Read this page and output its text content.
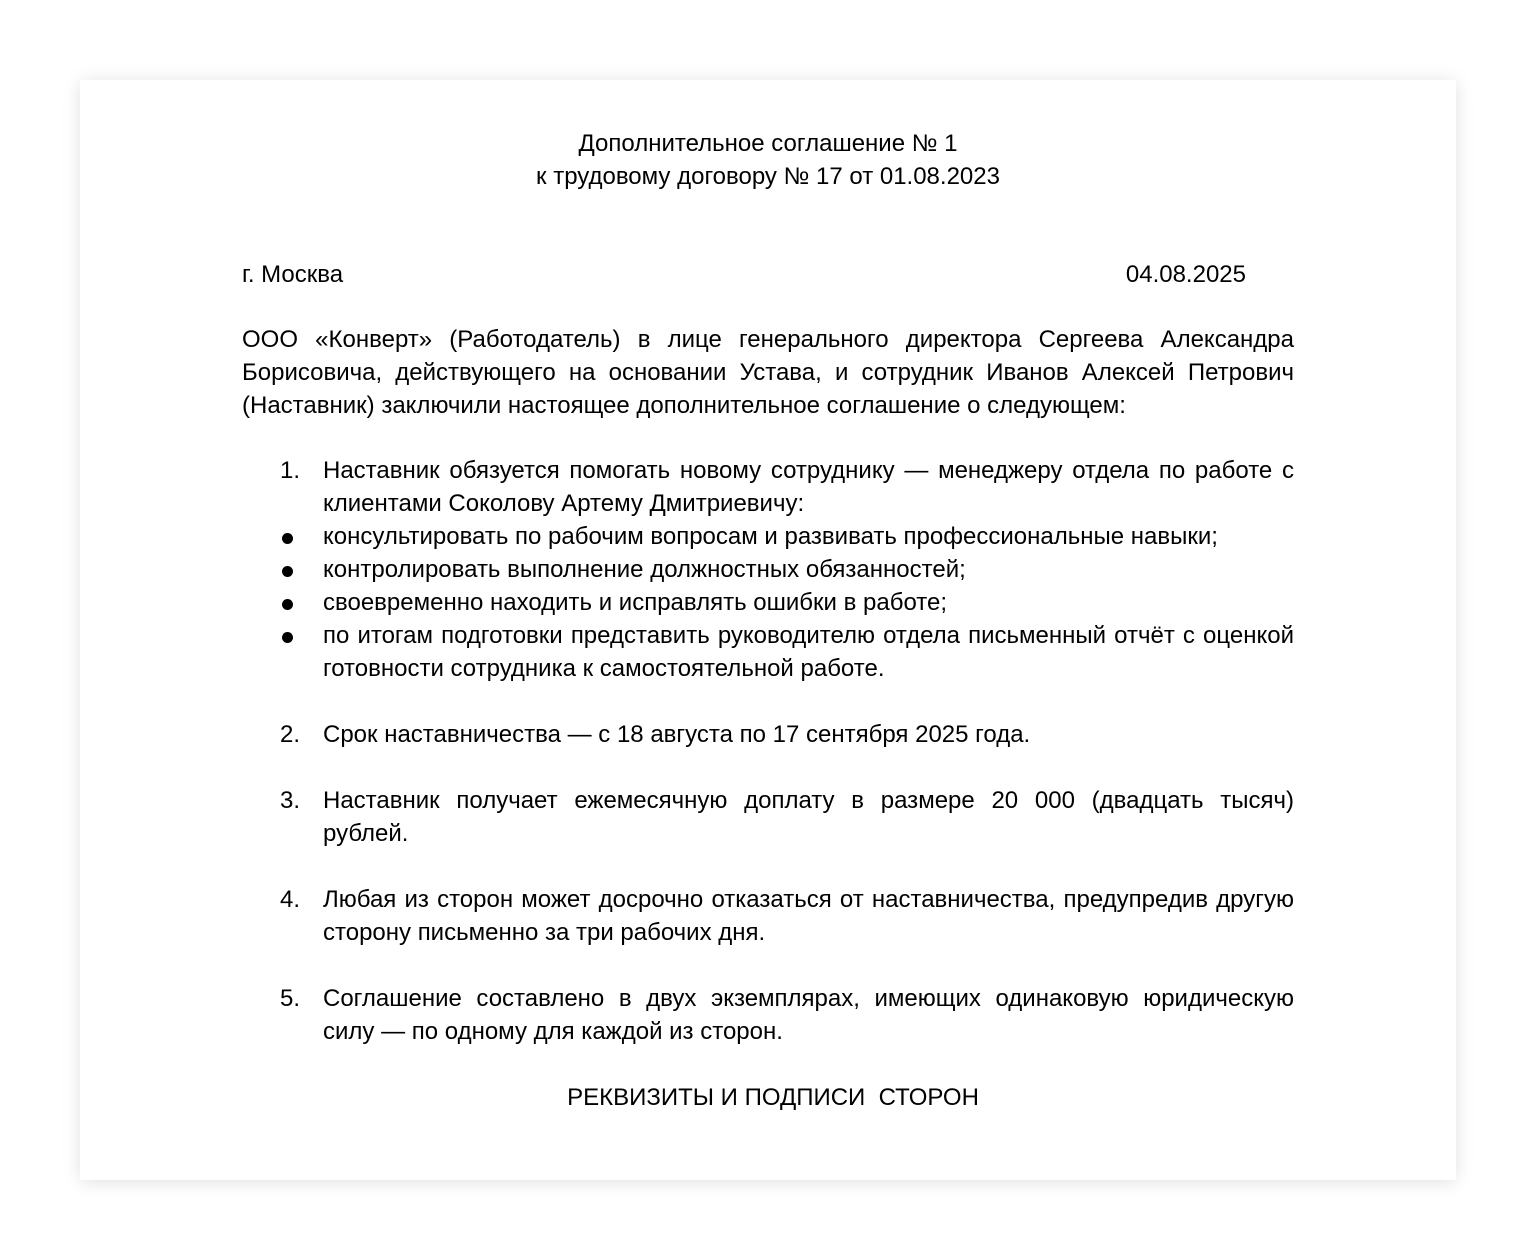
Дополнительное соглашение № 1
к трудовому договору № 17 от 01.08.2023
г. Москва	04.08.2025
ООО «Конверт» (Работодатель) в лице генерального директора Сергеева Александра Борисовича, действующего на основании Устава, и сотрудник Иванов Алексей Петрович (Наставник) заключили настоящее дополнительное соглашение о следующем:
1. Наставник обязуется помогать новому сотруднику — менеджеру отдела по работе с клиентами Соколову Артему Дмитриевичу:
консультировать по рабочим вопросам и развивать профессиональные навыки;
контролировать выполнение должностных обязанностей;
своевременно находить и исправлять ошибки в работе;
по итогам подготовки представить руководителю отдела письменный отчёт с оценкой готовности сотрудника к самостоятельной работе.
2. Срок наставничества — с 18 августа по 17 сентября 2025 года.
3. Наставник получает ежемесячную доплату в размере 20 000 (двадцать тысяч) рублей.
4. Любая из сторон может досрочно отказаться от наставничества, предупредив другую сторону письменно за три рабочих дня.
5. Соглашение составлено в двух экземплярах, имеющих одинаковую юридическую силу — по одному для каждой из сторон.
РЕКВИЗИТЫ И ПОДПИСИ  СТОРОН
